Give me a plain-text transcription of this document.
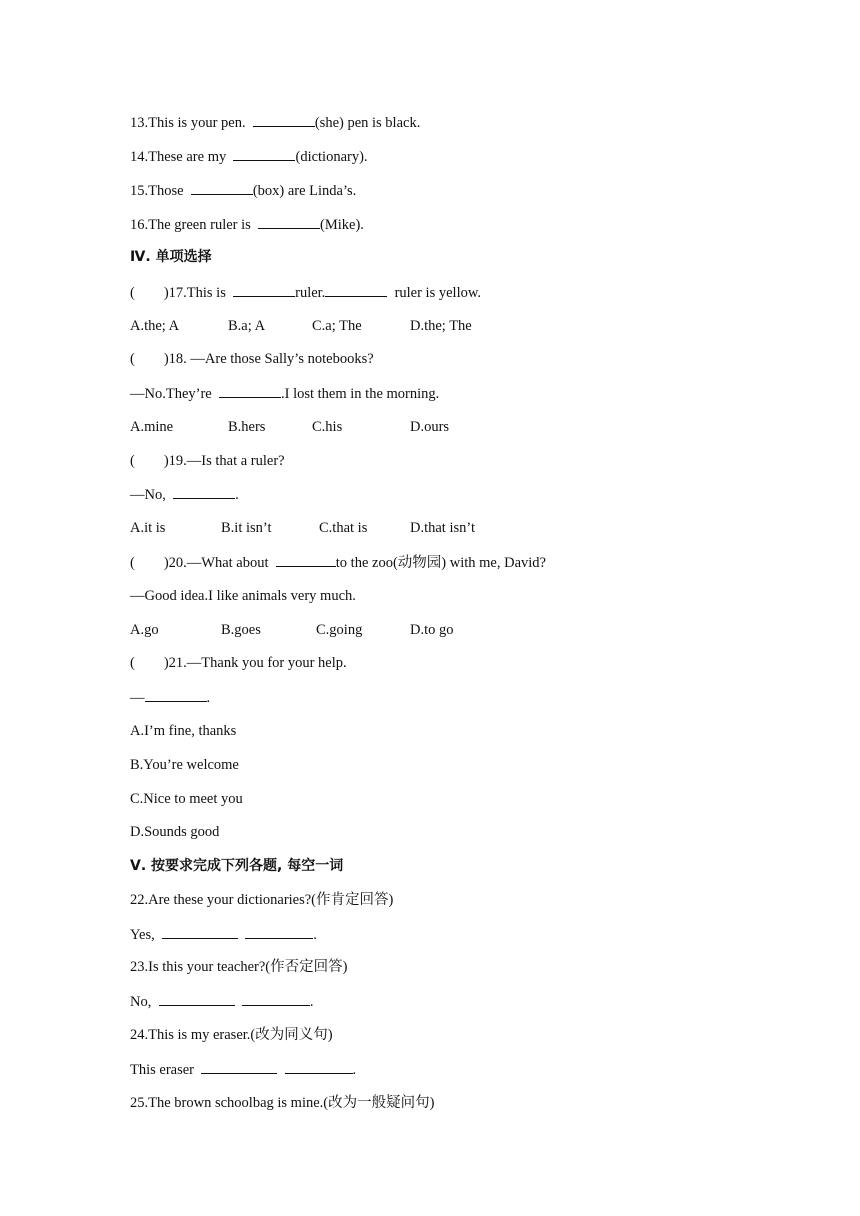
13.This is your pen.	(she) pen is black.
14.These are my	(dictionary).
15.Those	(box) are Linda’s.
16.The green ruler is	(Mike).
Ⅳ. 单项选择
(        )17.This is	ruler.	ruler is yellow.
A.the; A	B.a; A	C.a; The	D.the; The
(        )18. —Are those Sally’s notebooks?
—No.They’re	.I lost them in the morning.
A.mine	B.hers	C.his	D.ours
(        )19.—Is that a ruler?
—No,	.
A.it is	B.it isn’t	C.that is	D.that isn’t
(        )20.—What about	to the zoo(动物园) with me, David?
—Good idea.I like animals very much.
A.go	B.goes	C.going	D.to go
(        )21.—Thank you for your help.
—	.
A.I’m fine, thanks
B.You’re welcome
C.Nice to meet you
D.Sounds good
Ⅴ. 按要求完成下列各题, 每空一词
22.Are these your dictionaries?(作肯定回答)
Yes,	.
23.Is this your teacher?(作否定回答)
No,	.
24.This is my eraser.(改为同义句)
This eraser	.
25.The brown schoolbag is mine.(改为一般疑问句)
